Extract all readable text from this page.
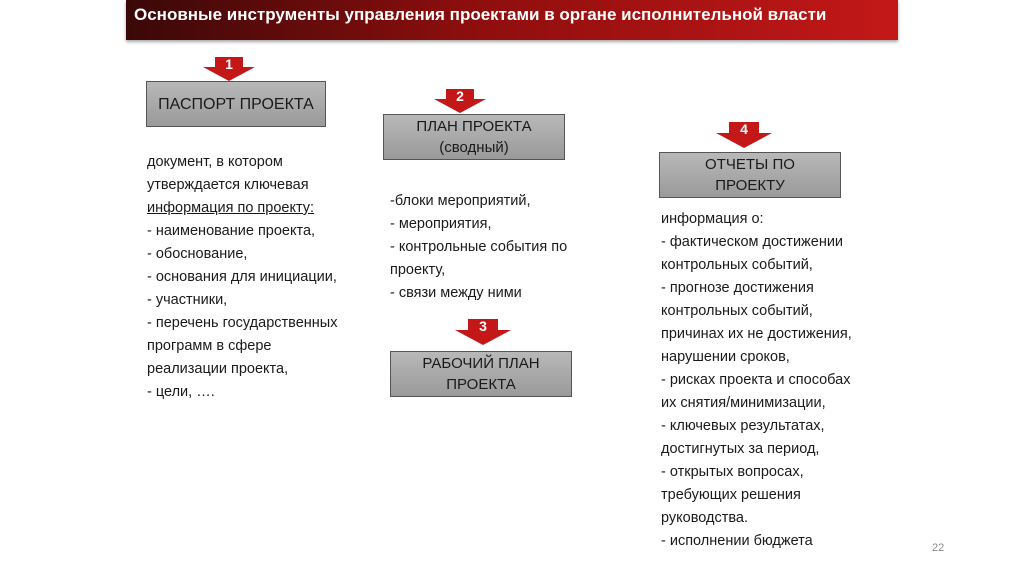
Основные инструменты управления проектами в органе исполнительной власти
1
2
3
4
ПАСПОРТ ПРОЕКТА
ПЛАН ПРОЕКТА
(сводный)
РАБОЧИЙ ПЛАН
ПРОЕКТА
ОТЧЕТЫ ПО
ПРОЕКТУ
документ, в котором
утверждается ключевая
информация по проекту:
- наименование проекта,
- обоснование,
- основания для инициации,
- участники,
- перечень государственных
программ в сфере
реализации проекта,
- цели, ….
-блоки мероприятий,
- мероприятия,
- контрольные события по
проекту,
- связи между ними
информация о:
- фактическом достижении
контрольных событий,
- прогнозе достижения
контрольных событий,
причинах их не достижения,
нарушении сроков,
- рисках проекта и способах
их снятия/минимизации,
- ключевых результатах,
достигнутых за период,
- открытых вопросах,
требующих решения
руководства.
- исполнении бюджета	22
